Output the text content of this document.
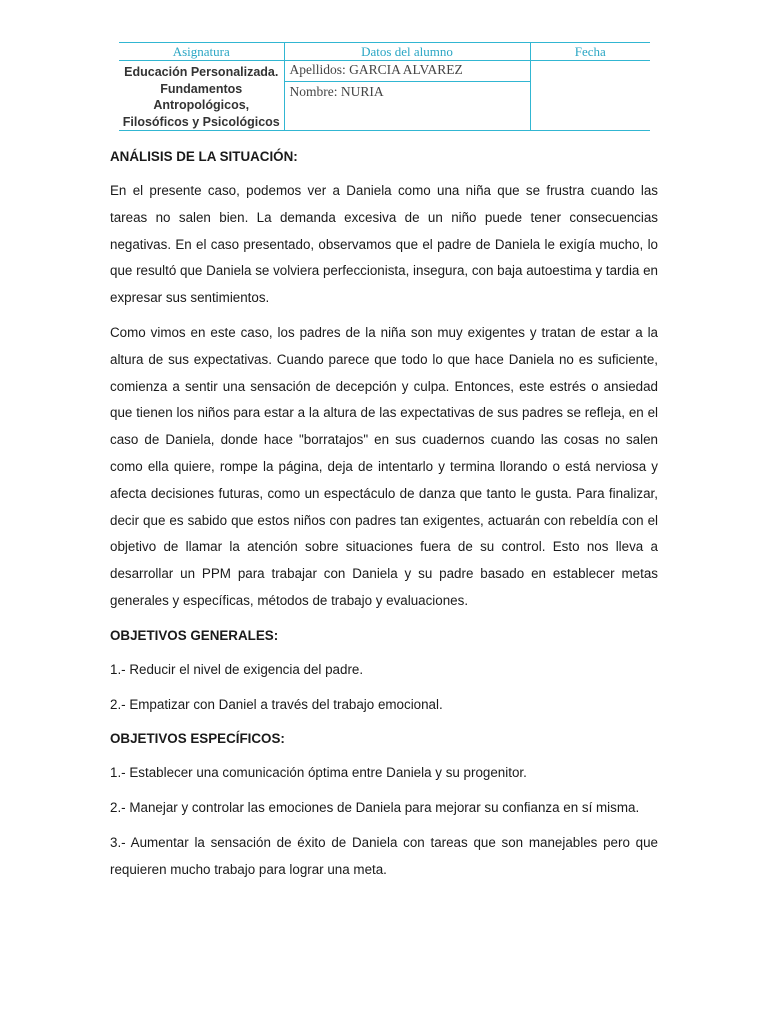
Asignatura	Datos del alumno	Fecha
Educación Personalizada. Fundamentos Antropológicos, Filosóficos y Psicológicos	Apellidos: GARCIA ALVAREZ
Nombre: NURIA	

ANÁLISIS DE LA SITUACIÓN:

En el presente caso, podemos ver a Daniela como una niña que se frustra cuando las tareas no salen bien. La demanda excesiva de un niño puede tener consecuencias negativas. En el caso presentado, observamos que el padre de Daniela le exigía mucho, lo que resultó que Daniela se volviera perfeccionista, insegura, con baja autoestima y tardia en expresar sus sentimientos.

Como vimos en este caso, los padres de la niña son muy exigentes y tratan de estar a la altura de sus expectativas. Cuando parece que todo lo que hace Daniela no es suficiente, comienza a sentir una sensación de decepción y culpa. Entonces, este estrés o ansiedad que tienen los niños para estar a la altura de las expectativas de sus padres se refleja, en el caso de Daniela, donde hace "borratajos" en sus cuadernos cuando las cosas no salen como ella quiere, rompe la página, deja de intentarlo y termina llorando o está nerviosa y afecta decisiones futuras, como un espectáculo de danza que tanto le gusta. Para finalizar, decir que es sabido que estos niños con padres tan exigentes, actuarán con rebeldía con el objetivo de llamar la atención sobre situaciones fuera de su control. Esto nos lleva a desarrollar un PPM para trabajar con Daniela y su padre basado en establecer metas generales y específicas, métodos de trabajo y evaluaciones.

OBJETIVOS GENERALES:

1.- Reducir el nivel de exigencia del padre.

2.- Empatizar con Daniel a través del trabajo emocional.

OBJETIVOS ESPECÍFICOS:

1.- Establecer una comunicación óptima entre Daniela y su progenitor.

2.- Manejar y controlar las emociones de Daniela para mejorar su confianza en sí misma.

3.- Aumentar la sensación de éxito de Daniela con tareas que son manejables pero que requieren mucho trabajo para lograr una meta.
